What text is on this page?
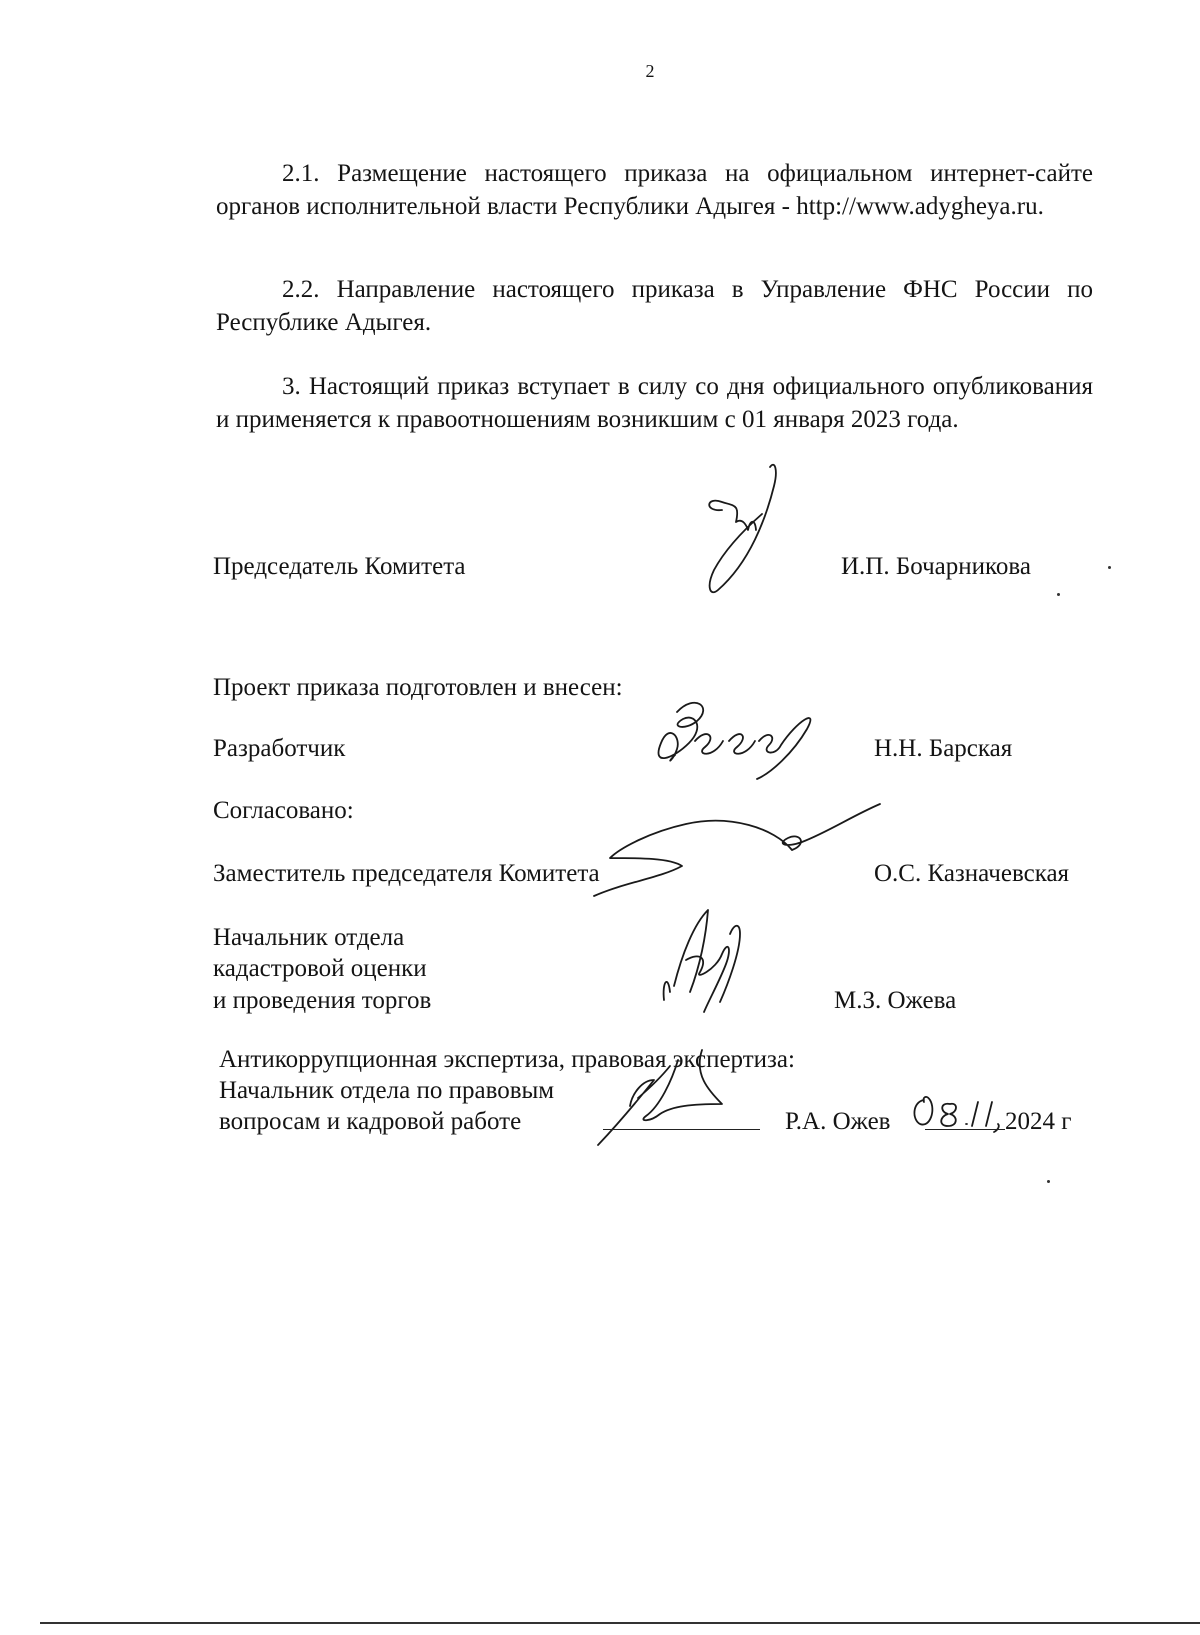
2

2.1. Размещение настоящего приказа на официальном интернет-сайте органов исполнительной власти Республики Адыгея - http://www.adygheya.ru.

2.2. Направление настоящего приказа в Управление ФНС России по Республике Адыгея.

3. Настоящий приказ вступает в силу со дня официального опубликования и применяется к правоотношениям возникшим с 01 января 2023 года.

Председатель Комитета	И.П. Бочарникова
Проект приказа подготовлен и внесен:
Разработчик	Н.Н. Барская
Согласовано:
Заместитель председателя Комитета	О.С. Казначевская
Начальник отдела
кадастровой оценки
и проведения торгов	М.З. Ожева
Антикоррупционная экспертиза, правовая экспертиза:
Начальник отдела по правовым
вопросам и кадровой работе	Р.А. Ожев	2024 г
